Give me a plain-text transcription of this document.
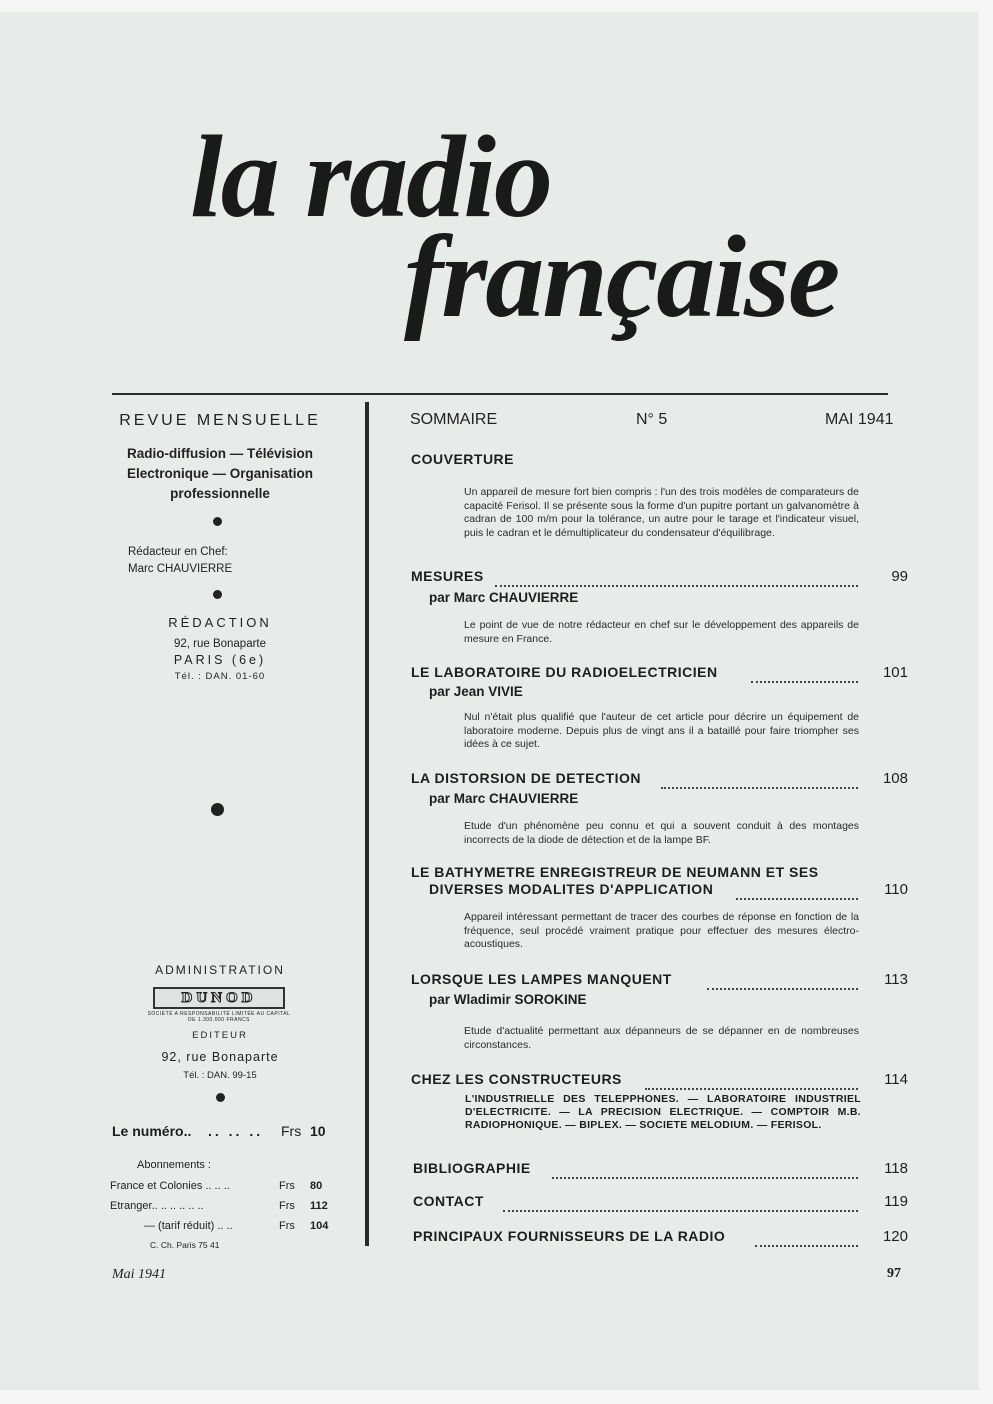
la radio
française
REVUE MENSUELLE
Radio-diffusion — Télévision
Electronique — Organisation
professionnelle
Rédacteur en Chef:
Marc CHAUVIERRE
RÉDACTION
92, rue Bonaparte
PARIS (6e)
Tél. : DAN. 01-60
ADMINISTRATION
DUNOD
SOCIÉTÉ A RESPONSABILITÉ LIMITÉE AU CAPITAL DE 1.300.000 FRANCS
EDITEUR
92, rue Bonaparte
Tél. : DAN. 99-15
Le numéro.. .. .. .. Frs 10
Abonnements :
France et Colonies .. .. ..	Frs 80
Etranger.. .. .. .. .. ..	Frs 112
— (tarif réduit) .. ..	Frs 104
C. Ch. Paris 75 41
Mai 1941	97
SOMMAIRE	N° 5	MAI 1941
COUVERTURE
Un appareil de mesure fort bien compris : l'un des trois modèles de comparateurs de capacité Ferisol. Il se présente sous la forme d'un pupitre portant un galvanomètre à cadran de 100 m/m pour la tolérance, un autre pour le tarage et l'indicateur visuel, puis le cadran et le démultiplicateur du condensateur d'équilibrage.
MESURES	99
par Marc CHAUVIERRE
Le point de vue de notre rédacteur en chef sur le développement des appareils de mesure en France.
LE LABORATOIRE DU RADIOELECTRICIEN	101
par Jean VIVIE
Nul n'était plus qualifié que l'auteur de cet article pour décrire un équipement de laboratoire moderne. Depuis plus de vingt ans il a bataillé pour faire triompher ses idées à ce sujet.
LA DISTORSION DE DETECTION	108
par Marc CHAUVIERRE
Etude d'un phénomène peu connu et qui a souvent conduit à des montages incorrects de la diode de détection et de la lampe BF.
LE BATHYMETRE ENREGISTREUR DE NEUMANN ET SES
DIVERSES MODALITES D'APPLICATION	110
Appareil intéressant permettant de tracer des courbes de réponse en fonction de la fréquence, seul procédé vraiment pratique pour effectuer des mesures électro-acoustiques.
LORSQUE LES LAMPES MANQUENT	113
par Wladimir SOROKINE
Etude d'actualité permettant aux dépanneurs de se dépanner en de nombreuses circonstances.
CHEZ LES CONSTRUCTEURS	114
L'INDUSTRIELLE DES TELEPPHONES. — LABORATOIRE INDUSTRIEL D'ELECTRICITE. — LA PRECISION ELECTRIQUE. — COMPTOIR M.B. RADIOPHONIQUE. — BIPLEX. — SOCIETE MELODIUM. — FERISOL.
BIBLIOGRAPHIE	118
CONTACT	119
PRINCIPAUX FOURNISSEURS DE LA RADIO	120
